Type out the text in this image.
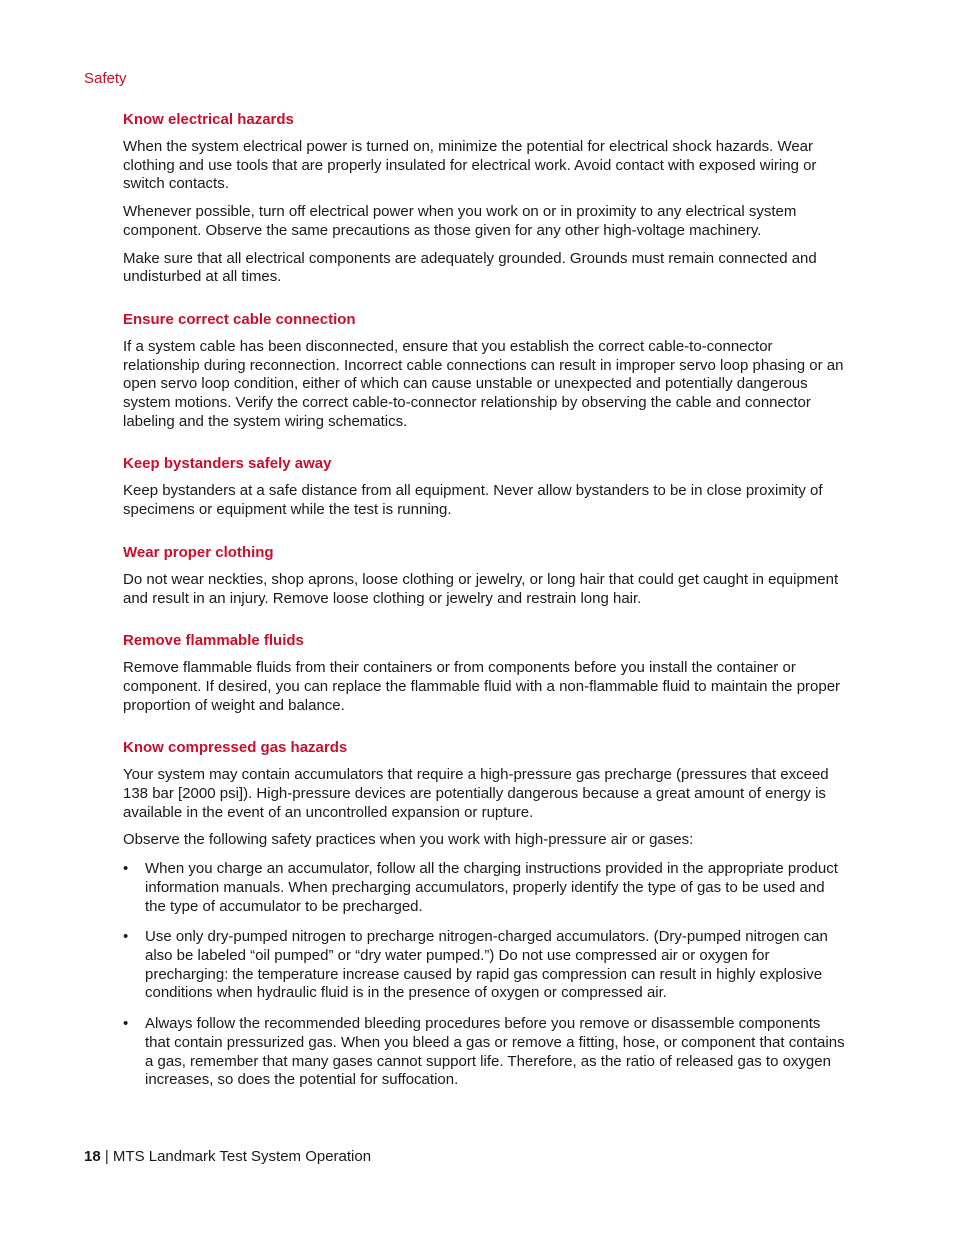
Safety

Know electrical hazards

When the system electrical power is turned on, minimize the potential for electrical shock hazards. Wear clothing and use tools that are properly insulated for electrical work. Avoid contact with exposed wiring or switch contacts.

Whenever possible, turn off electrical power when you work on or in proximity to any electrical system component. Observe the same precautions as those given for any other high-voltage machinery.

Make sure that all electrical components are adequately grounded. Grounds must remain connected and undisturbed at all times.

Ensure correct cable connection

If a system cable has been disconnected, ensure that you establish the correct cable-to-connector relationship during reconnection. Incorrect cable connections can result in improper servo loop phasing or an open servo loop condition, either of which can cause unstable or unexpected and potentially dangerous system motions. Verify the correct cable-to-connector relationship by observing the cable and connector labeling and the system wiring schematics.

Keep bystanders safely away

Keep bystanders at a safe distance from all equipment. Never allow bystanders to be in close proximity of specimens or equipment while the test is running.

Wear proper clothing

Do not wear neckties, shop aprons, loose clothing or jewelry, or long hair that could get caught in equipment and result in an injury. Remove loose clothing or jewelry and restrain long hair.

Remove flammable fluids

Remove flammable fluids from their containers or from components before you install the container or component. If desired, you can replace the flammable fluid with a non-flammable fluid to maintain the proper proportion of weight and balance.

Know compressed gas hazards

Your system may contain accumulators that require a high-pressure gas precharge (pressures that exceed 138 bar [2000 psi]). High-pressure devices are potentially dangerous because a great amount of energy is available in the event of an uncontrolled expansion or rupture.

Observe the following safety practices when you work with high-pressure air or gases:

• When you charge an accumulator, follow all the charging instructions provided in the appropriate product information manuals. When precharging accumulators, properly identify the type of gas to be used and the type of accumulator to be precharged.
• Use only dry-pumped nitrogen to precharge nitrogen-charged accumulators. (Dry-pumped nitrogen can also be labeled “oil pumped” or “dry water pumped.”) Do not use compressed air or oxygen for precharging: the temperature increase caused by rapid gas compression can result in highly explosive conditions when hydraulic fluid is in the presence of oxygen or compressed air.
• Always follow the recommended bleeding procedures before you remove or disassemble components that contain pressurized gas. When you bleed a gas or remove a fitting, hose, or component that contains a gas, remember that many gases cannot support life. Therefore, as the ratio of released gas to oxygen increases, so does the potential for suffocation.

18 | MTS Landmark Test System Operation
